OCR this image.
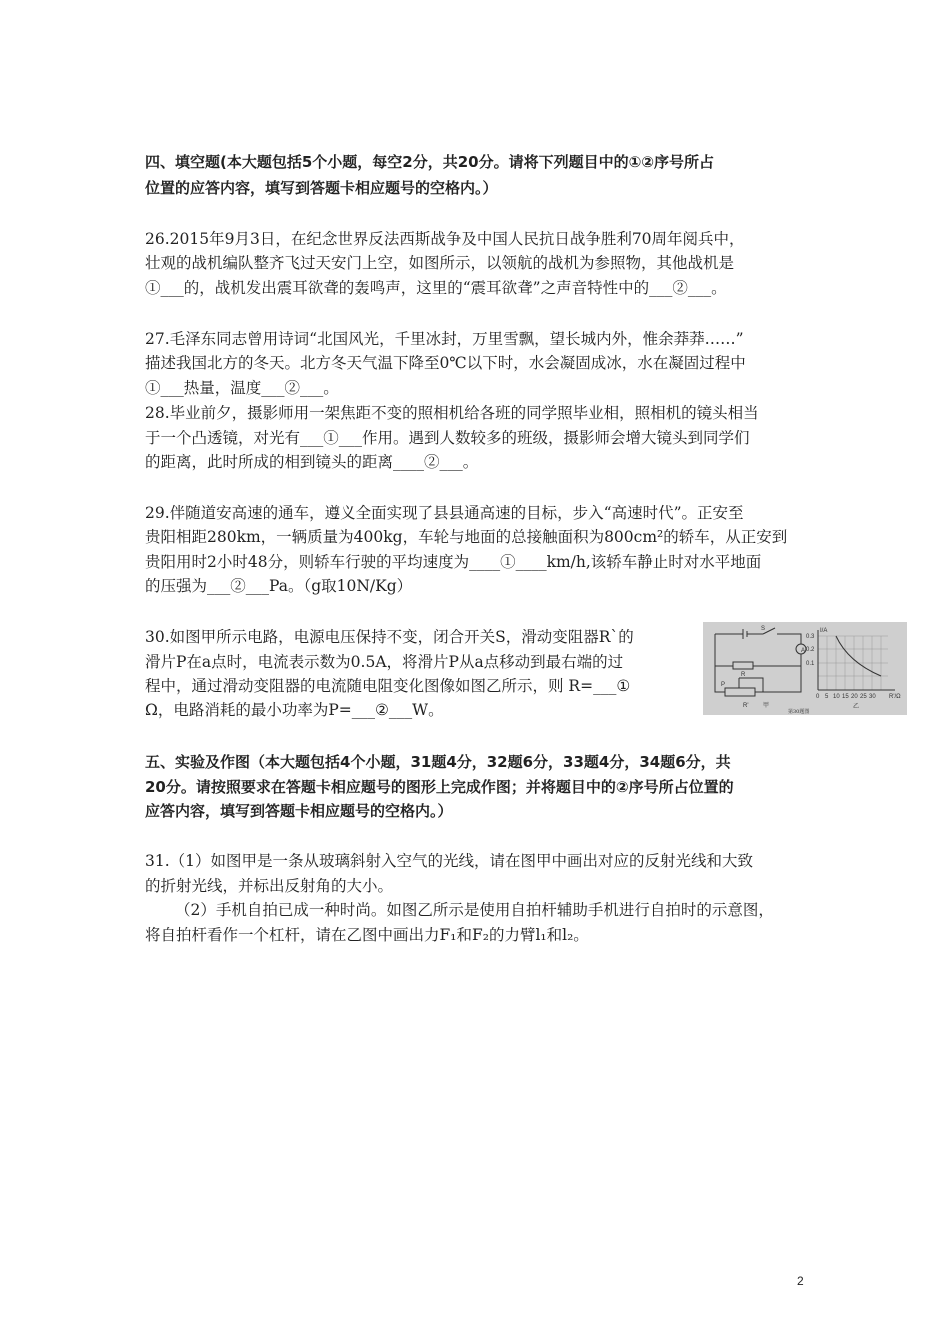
四、填空题(本大题包括5个小题，每空2分，共20分。请将下列题目中的①②序号所占
位置的应答内容，填写到答题卡相应题号的空格内。）
26.2015年9月3日，在纪念世界反法西斯战争及中国人民抗日战争胜利70周年阅兵中，
壮观的战机编队整齐飞过天安门上空，如图所示，以领航的战机为参照物，其他战机是
①___的，战机发出震耳欲聋的轰鸣声，这里的“震耳欲聋”之声音特性中的___②___。
27.毛泽东同志曾用诗词“北国风光，千里冰封，万里雪飘，望长城内外，惟余莽莽……”
描述我国北方的冬天。北方冬天气温下降至0℃以下时，水会凝固成冰，水在凝固过程中
①___热量，温度___②___。
28.毕业前夕，摄影师用一架焦距不变的照相机给各班的同学照毕业相，照相机的镜头相当
于一个凸透镜，对光有___①___作用。遇到人数较多的班级，摄影师会增大镜头到同学们
的距离，此时所成的相到镜头的距离____②___。
29.伴随道安高速的通车，遵义全面实现了县县通高速的目标，步入“高速时代”。正安至
贵阳相距280km，一辆质量为400kg，车轮与地面的总接触面积为800cm²的轿车，从正安到
贵阳用时2小时48分，则轿车行驶的平均速度为____①____km/h,该轿车静止时对水平地面
的压强为___②___Pa。（g取10N/Kg）
30.如图甲所示电路，电源电压保持不变，闭合开关S，滑动变阻器R`的
滑片P在a点时，电流表示数为0.5A，将滑片P从a点移动到最右端的过
程中，通过滑动变阻器的电流随电阻变化图像如图乙所示，则 R=___①
Ω，电路消耗的最小功率为P=___②___W。
A
S
R
P
R' 甲
I/A
R'/Ω
0.3
0.2
0.1
0 5 10 15 20 25 30
乙
第30题图
五、实验及作图（本大题包括4个小题，31题4分，32题6分，33题4分，34题6分，共
20分。请按照要求在答题卡相应题号的图形上完成作图；并将题目中的②序号所占位置的
应答内容，填写到答题卡相应题号的空格内。）
31.（1）如图甲是一条从玻璃斜射入空气的光线，请在图甲中画出对应的反射光线和大致
的折射光线，并标出反射角的大小。
（2）手机自拍已成一种时尚。如图乙所示是使用自拍杆辅助手机进行自拍时的示意图，
将自拍杆看作一个杠杆，请在乙图中画出力F₁和F₂的力臂l₁和l₂。
2
